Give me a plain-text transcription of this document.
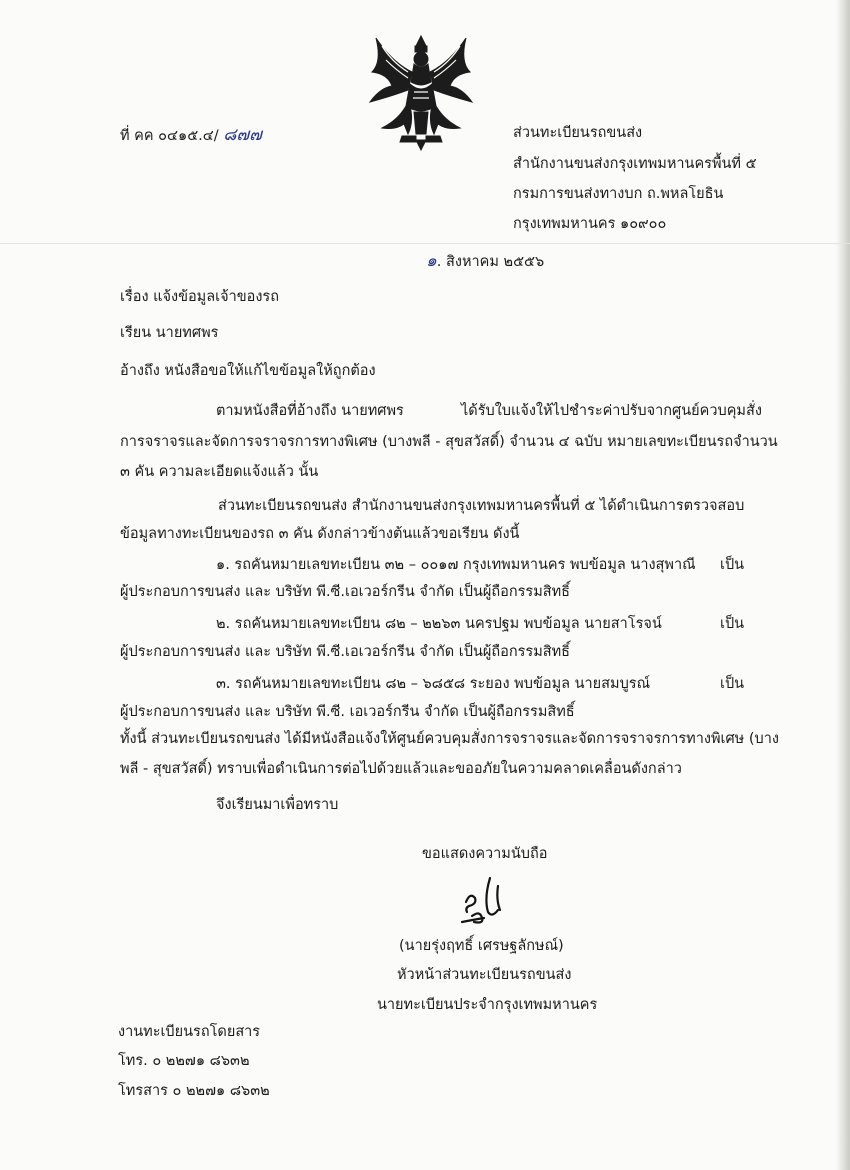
ที่ คค ๐๔๑๕.๔/ ๘๗๗	ส่วนทะเบียนรถขนส่ง
สำนักงานขนส่งกรุงเทพมหานครพื้นที่ ๕
กรมการขนส่งทางบก ถ.พหลโยธิน
กรุงเทพมหานคร ๑๐๙๐๐
๑. สิงหาคม ๒๕๕๖
เรื่อง แจ้งข้อมูลเจ้าของรถ
เรียน นายทศพร
อ้างถึง หนังสือขอให้แก้ไขข้อมูลให้ถูกต้อง
ตามหนังสือที่อ้างถึง นายทศพร	ได้รับใบแจ้งให้ไปชำระค่าปรับจากศูนย์ควบคุมสั่ง
การจราจรและจัดการจราจรการทางพิเศษ (บางพลี - สุขสวัสดิ์) จำนวน ๔ ฉบับ หมายเลขทะเบียนรถจำนวน
๓ คัน ความละเอียดแจ้งแล้ว นั้น
ส่วนทะเบียนรถขนส่ง สำนักงานขนส่งกรุงเทพมหานครพื้นที่ ๕ ได้ดำเนินการตรวจสอบ
ข้อมูลทางทะเบียนของรถ ๓ คัน ดังกล่าวข้างต้นแล้วขอเรียน ดังนี้
๑. รถคันหมายเลขทะเบียน ๓๒ – ๐๐๑๗ กรุงเทพมหานคร พบข้อมูล นางสุพาณี เป็น
ผู้ประกอบการขนส่ง และ บริษัท พี.ซี.เอเวอร์กรีน จำกัด เป็นผู้ถือกรรมสิทธิ์
๒. รถคันหมายเลขทะเบียน ๘๒ – ๒๒๖๓ นครปฐม พบข้อมูล นายสาโรจน์	เป็น
ผู้ประกอบการขนส่ง และ บริษัท พี.ซี.เอเวอร์กรีน จำกัด เป็นผู้ถือกรรมสิทธิ์
๓. รถคันหมายเลขทะเบียน ๘๒ – ๖๘๕๘ ระยอง พบข้อมูล นายสมบูรณ์	เป็น
ผู้ประกอบการขนส่ง และ บริษัท พี.ซี. เอเวอร์กรีน จำกัด เป็นผู้ถือกรรมสิทธิ์
ทั้งนี้ ส่วนทะเบียนรถขนส่ง ได้มีหนังสือแจ้งให้ศูนย์ควบคุมสั่งการจราจรและจัดการจราจรการทางพิเศษ (บาง
พลี - สุขสวัสดิ์) ทราบเพื่อดำเนินการต่อไปด้วยแล้วและขออภัยในความคลาดเคลื่อนดังกล่าว
จึงเรียนมาเพื่อทราบ
ขอแสดงความนับถือ
(นายรุ่งฤทธิ์ เศรษฐลักษณ์)
หัวหน้าส่วนทะเบียนรถขนส่ง
นายทะเบียนประจำกรุงเทพมหานคร
งานทะเบียนรถโดยสาร
โทร. ๐ ๒๒๗๑ ๘๖๓๒
โทรสาร ๐ ๒๒๗๑ ๘๖๓๒
